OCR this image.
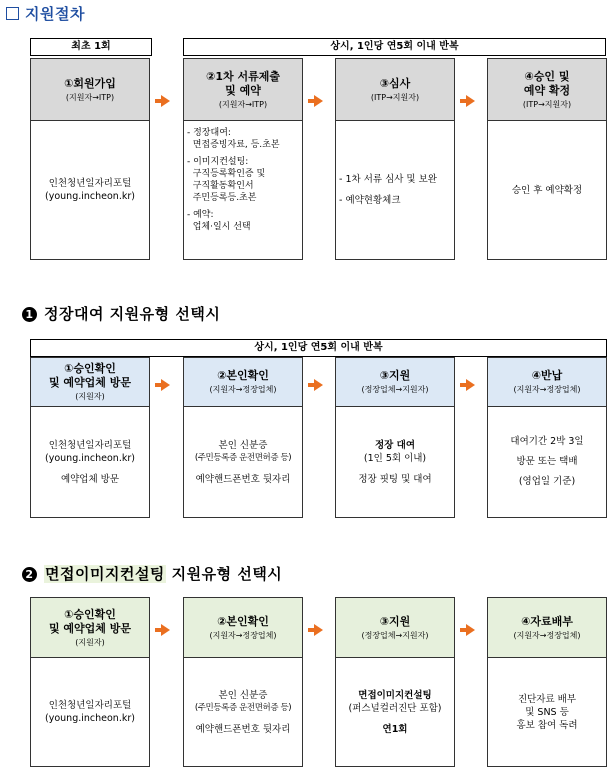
지원절차
최초 1회	상시, 1인당 연5회 이내 반복
①회원가입
(지원자→ITP)
인천청년일자리포털
(young.incheon.kr)
②1차 서류제출
및 예약
(지원자→ITP)
- 정장대여:
면접증빙자료, 등.초본
- 이미지컨설팅:
구직등록확인증 및
구직활동확인서
주민등록등.초본
- 예약:
업체·일시 선택
③심사
(ITP→지원자)
- 1차 서류 심사 및 보완
- 예약현황체크
④승인 및
예약 확정
(ITP→지원자)
승인 후 예약확정
1 정장대여 지원유형 선택시
상시, 1인당 연5회 이내 반복
①승인확인
및 예약업체 방문
(지원자)
인천청년일자리포털
(young.incheon.kr)
예약업체 방문
②본인확인
(지원자→정장업체)
본인 신분증
(주민등록증 운전면허증 등)
예약핸드폰번호 뒷자리
③지원
(정장업체→지원자)
정장 대여
(1인 5회 이내)
정장 핏팅 및 대여
④반납
(지원자→정장업체)
대여기간 2박 3일
방문 또는 택배
(영업일 기준)
2 면접이미지컨설팅 지원유형 선택시
①승인확인
및 예약업체 방문
(지원자)
인천청년일자리포털
(young.incheon.kr)
②본인확인
(지원자→정장업체)
본인 신분증
(주민등록증 운전면허증 등)
예약핸드폰번호 뒷자리
③지원
(정장업체→지원자)
면접이미지컨설팅
(퍼스널컬러진단 포함)
연1회
④자료배부
(지원자→정장업체)
진단자료 배부
및 SNS 등
홍보 참여 독려
